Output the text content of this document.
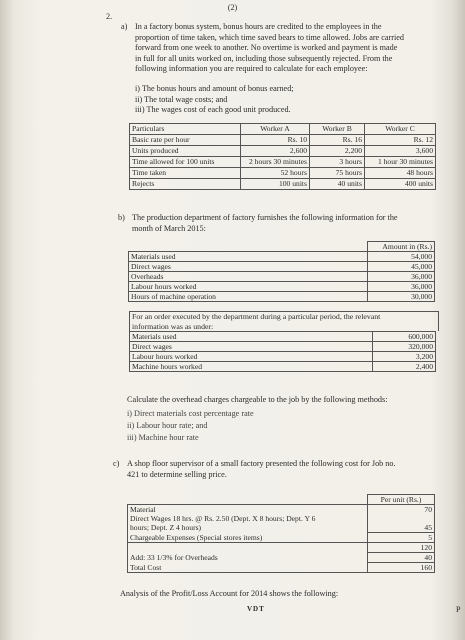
(2)
2.
a) In a factory bonus system, bonus hours are credited to the employees in the
proportion of time taken, which time saved bears to time allowed. Jobs are carried
forward from one week to another. No overtime is worked and payment is made
in full for all units worked on, including those subsequently rejected. From the
following information you are required to calculate for each employee:
i) The bonus hours and amount of bonus earned;
ii) The total wage costs; and
iii) The wages cost of each good unit produced.
Particulars	Worker A	Worker B	Worker C
Basic rate per hour	Rs. 10	Rs. 16	Rs. 12
Units produced	2,600	2,200	3,600
Time allowed for 100 units	2 hours 30 minutes	3 hours	1 hour 30 minutes
Time taken	52 hours	75 hours	48 hours
Rejects	100 units	40 units	400 units
b) The production department of factory furnishes the following information for the
month of March 2015:
	Amount in (Rs.)
Materials used	54,000
Direct wages	45,000
Overheads	36,000
Labour hours worked	36,000
Hours of machine operation	30,000
For an order executed by the department during a particular period, the relevant
information was as under:
Materials used	600,000
Direct wages	320,000
Labour hours worked	3,200
Machine hours worked	2,400
Calculate the overhead charges chargeable to the job by the following methods:
i) Direct materials cost percentage rate
ii) Labour hour rate; and
iii) Machine hour rate
c) A shop floor supervisor of a small factory presented the following cost for Job no.
421 to determine selling price.
	Per unit (Rs.)
Material	70
Direct Wages 18 hrs. @ Rs. 2.50 (Dept. X 8 hours; Dept. Y 6	
hours; Dept. Z 4 hours)	45
Chargeable Expenses (Special stores items)	5
	120
Add: 33 1/3% for Overheads	40
Total Cost	160
Analysis of the Profit/Loss Account for 2014 shows the following:
VDT	P
